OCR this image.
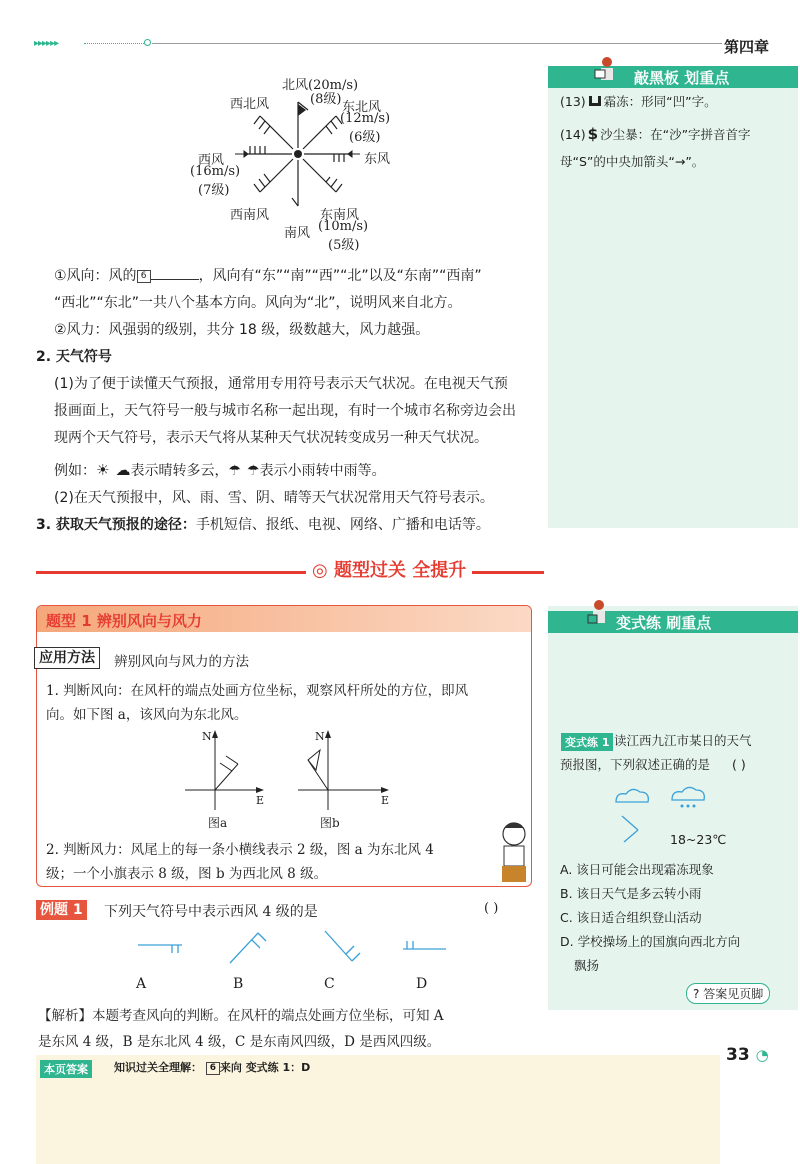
▸▸▸▸▸▸	第四章
北风(20m/s)
(8级)
西北风	东北风
(12m/s)
(6级)
西风
(16m/s)
(7级)
东风
西南风
南风
东南风
(10m/s)
(5级)
敲黑板 划重点
(13) 霜冻：形同“凹”字。
(14) $ 沙尘暴：在“沙”字拼音首字
母“S”的中央加箭头“→”。
①风向：风的 6	，风向有“东”“南”“西”“北”以及“东南”“西南”
“西北”“东北”一共八个基本方向。风向为“北”，说明风来自北方。
②风力：风强弱的级别，共分 18 级，级数越大，风力越强。
2. 天气符号
(1)为了便于读懂天气预报，通常用专用符号表示天气状况。在电视天气预
报画面上，天气符号一般与城市名称一起出现，有时一个城市名称旁边会出
现两个天气符号，表示天气将从某种天气状况转变成另一种天气状况。
例如：☀ ☁表示晴转多云，☂ ☂表示小雨转中雨等。
(2)在天气预报中，风、雨、雪、阴、晴等天气状况常用天气符号表示。
3. 获取天气预报的途径：手机短信、报纸、电视、网络、广播和电话等。
◎ 题型过关 全提升
题型 1 辨别风向与风力
应用方法	辨别风向与风力的方法
1. 判断风向：在风杆的端点处画方位坐标，观察风杆所处的方位，即风
向。如下图 a，该风向为东北风。
N
E
N
E
图a	图b
2. 判断风力：风尾上的每一条小横线表示 2 级，图 a 为东北风 4
级；一个小旗表示 8 级，图 b 为西北风 8 级。
例题 1 下列天气符号中表示西风 4 级的是	( )
A	B	C	D
【解析】本题考查风向的判断。在风杆的端点处画方位坐标，可知 A
是东风 4 级，B 是东北风 4 级，C 是东南风四级，D 是西风四级。
变式练 刷重点
变式练 1 读江西九江市某日的天气
预报图，下列叙述正确的是 ( )
18~23℃
A. 该日可能会出现霜冻现象
B. 该日天气是多云转小雨
C. 该日适合组织登山活动
D. 学校操场上的国旗向西北方向
飘扬
? 答案见页脚
本页答案	知识过关全理解： 6 来向 变式练 1：D
33 ◔
